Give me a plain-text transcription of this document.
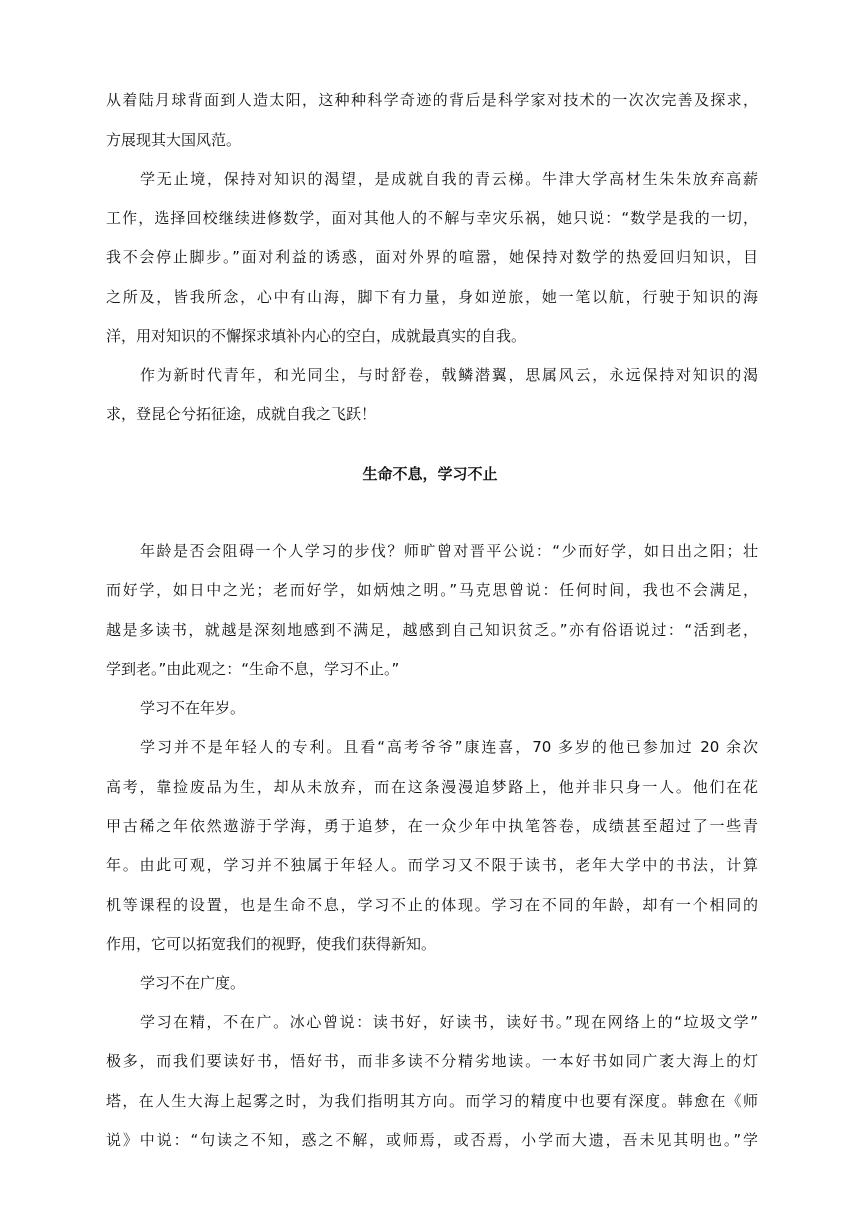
从着陆月球背面到人造太阳，这种种科学奇迹的背后是科学家对技术的一次次完善及探求，
方展现其大国风范。
学无止境，保持对知识的渴望，是成就自我的青云梯。牛津大学高材生朱朱放弃高薪
工作，选择回校继续进修数学，面对其他人的不解与幸灾乐祸，她只说：“数学是我的一切，
我不会停止脚步。”面对利益的诱惑，面对外界的喧嚣，她保持对数学的热爱回归知识，目
之所及，皆我所念，心中有山海，脚下有力量，身如逆旅，她一笔以航，行驶于知识的海
洋，用对知识的不懈探求填补内心的空白，成就最真实的自我。
作为新时代青年，和光同尘，与时舒卷，戟鳞潜翼，思属风云，永远保持对知识的渴
求，登昆仑兮拓征途，成就自我之飞跃！
生命不息，学习不止
年龄是否会阻碍一个人学习的步伐？师旷曾对晋平公说：“少而好学，如日出之阳；壮
而好学，如日中之光；老而好学，如炳烛之明。”马克思曾说：任何时间，我也不会满足，
越是多读书，就越是深刻地感到不满足，越感到自己知识贫乏。”亦有俗语说过：“活到老，
学到老。”由此观之：“生命不息，学习不止。”
学习不在年岁。
学习并不是年轻人的专利。且看“高考爷爷”康连喜，70 多岁的他已参加过 20 余次
高考，靠捡废品为生，却从未放弃，而在这条漫漫追梦路上，他并非只身一人。他们在花
甲古稀之年依然遨游于学海，勇于追梦，在一众少年中执笔答卷，成绩甚至超过了一些青
年。由此可观，学习并不独属于年轻人。而学习又不限于读书，老年大学中的书法，计算
机等课程的设置，也是生命不息，学习不止的体现。学习在不同的年龄，却有一个相同的
作用，它可以拓宽我们的视野，使我们获得新知。
学习不在广度。
学习在精，不在广。冰心曾说：读书好，好读书，读好书。”现在网络上的“垃圾文学”
极多，而我们要读好书，悟好书，而非多读不分精劣地读。一本好书如同广袤大海上的灯
塔，在人生大海上起雾之时，为我们指明其方向。而学习的精度中也要有深度。韩愈在《师
说》中说：“句读之不知，惑之不解，或师焉，或否焉，小学而大遗，吾未见其明也。”学
